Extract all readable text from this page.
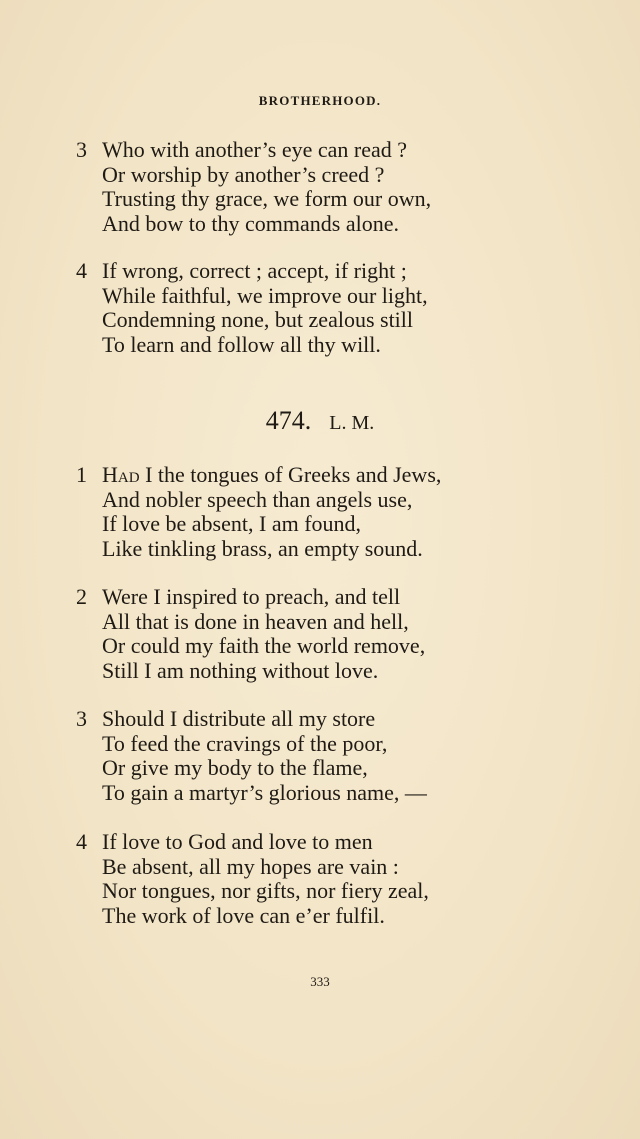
BROTHERHOOD.
3 Who with another’s eye can read ?
Or worship by another’s creed ?
Trusting thy grace, we form our own,
And bow to thy commands alone.
4 If wrong, correct ; accept, if right ;
While faithful, we improve our light,
Condemning none, but zealous still
To learn and follow all thy will.
474. L. M.
1 Had I the tongues of Greeks and Jews,
And nobler speech than angels use,
If love be absent, I am found,
Like tinkling brass, an empty sound.
2 Were I inspired to preach, and tell
All that is done in heaven and hell,
Or could my faith the world remove,
Still I am nothing without love.
3 Should I distribute all my store
To feed the cravings of the poor,
Or give my body to the flame,
To gain a martyr’s glorious name, —
4 If love to God and love to men
Be absent, all my hopes are vain :
Nor tongues, nor gifts, nor fiery zeal,
The work of love can e’er fulfil.
333
